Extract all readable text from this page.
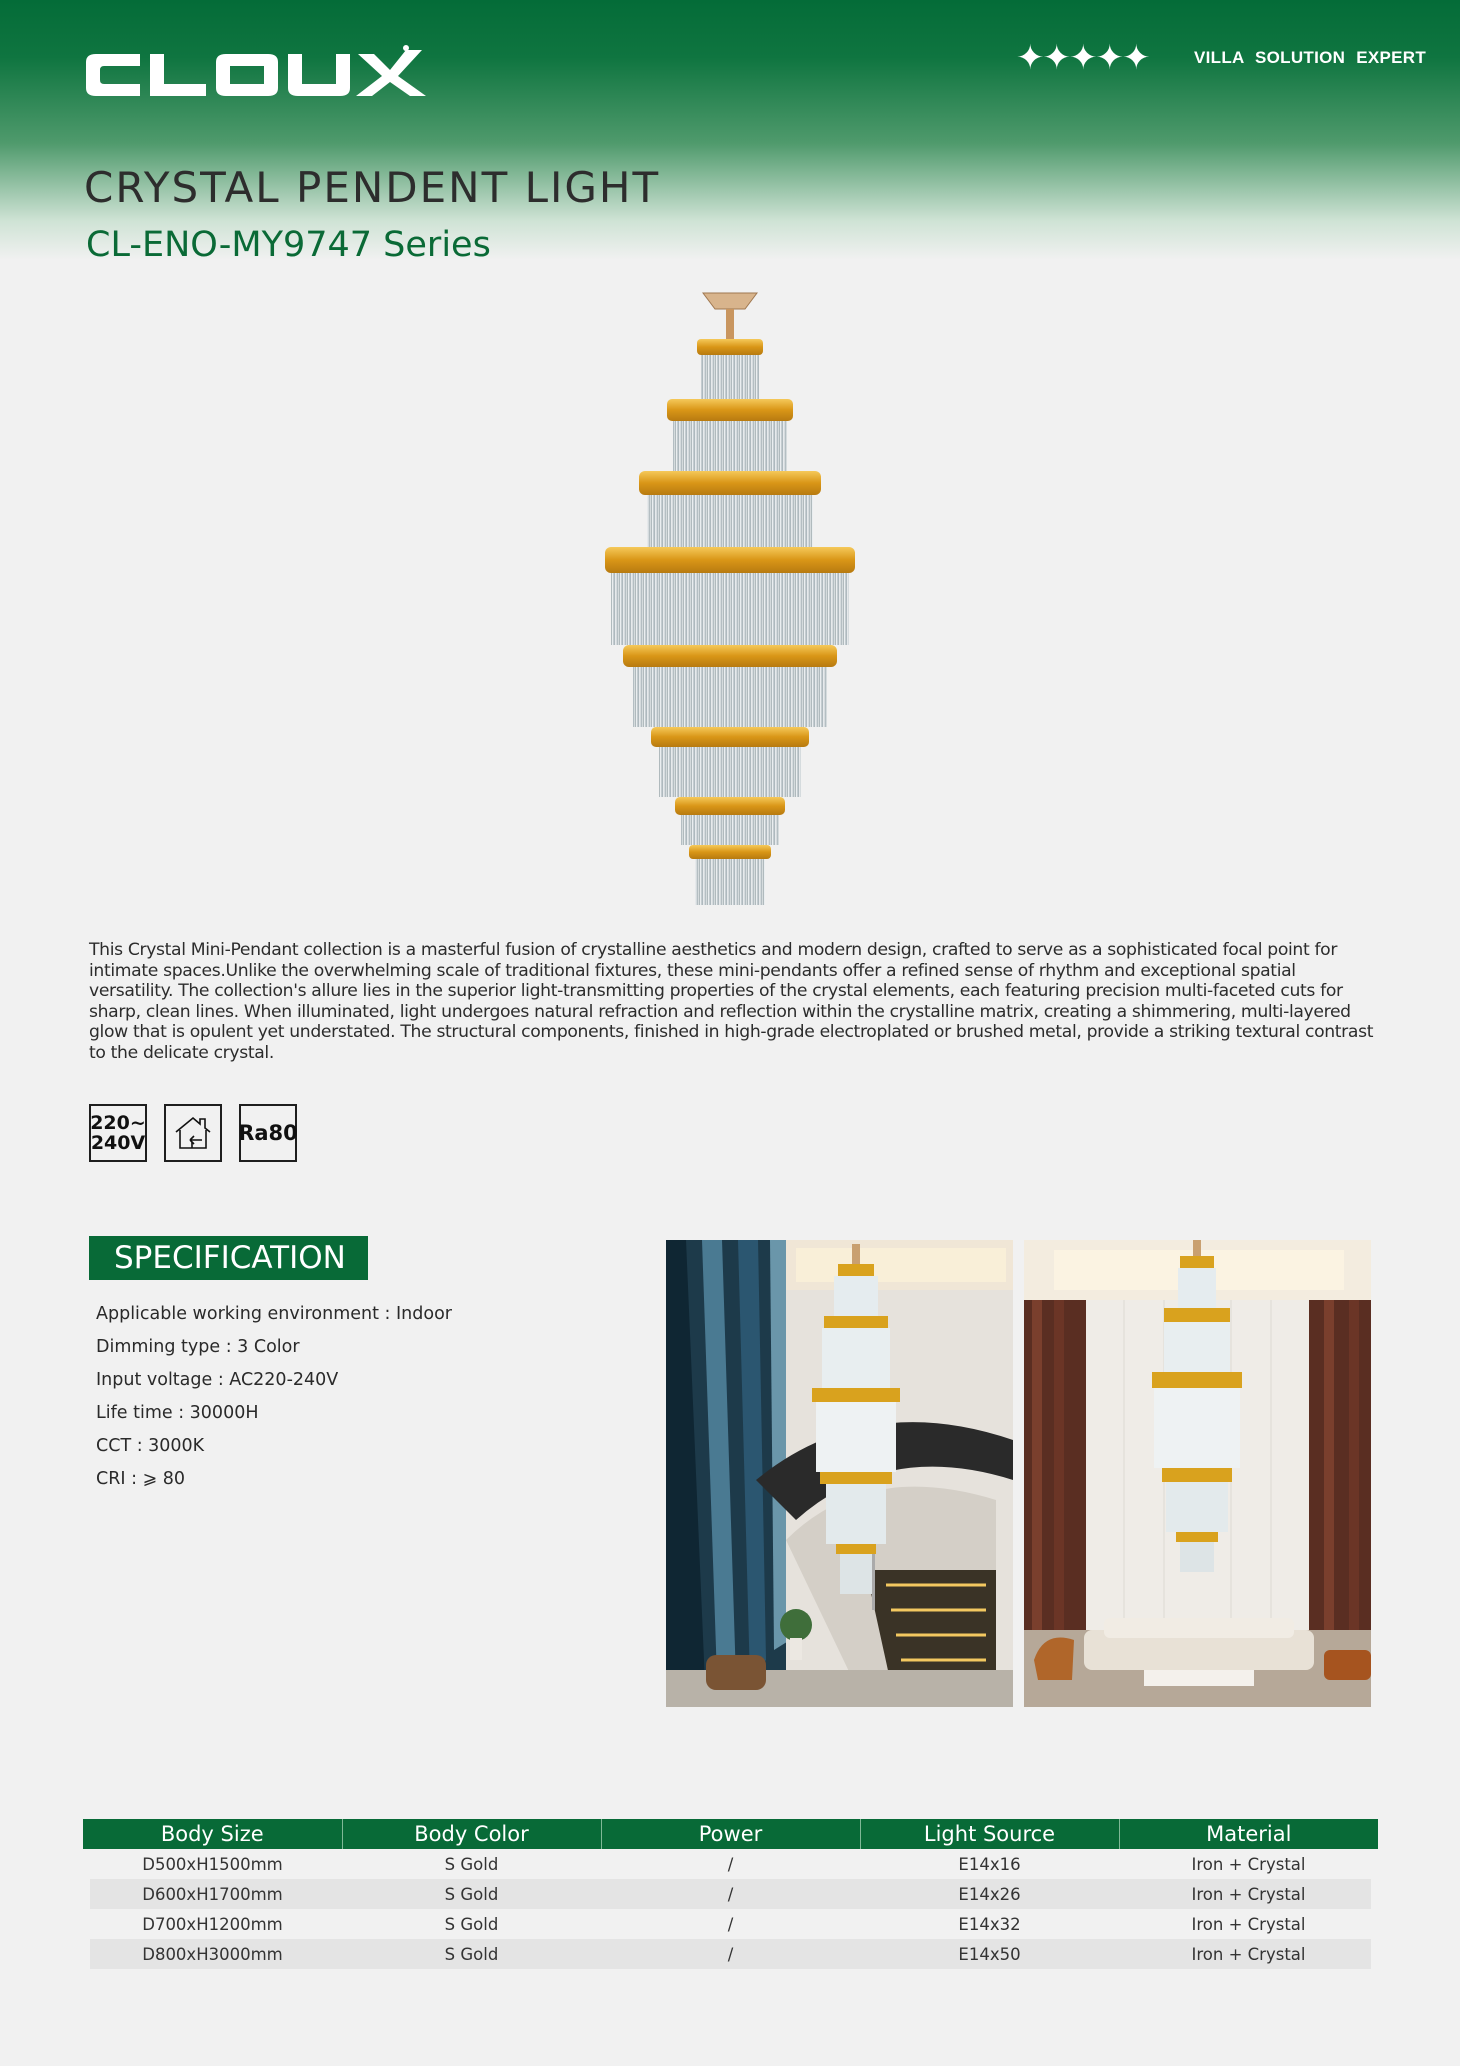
✦✦✦✦✦	VILLA SOLUTION EXPERT
CRYSTAL PENDENT LIGHT
CL-ENO-MY9747 Series
This Crystal Mini-Pendant collection is a masterful fusion of crystalline aesthetics and modern design, crafted to serve as a sophisticated focal point for intimate spaces.Unlike the overwhelming scale of traditional fixtures, these mini-pendants offer a refined sense of rhythm and exceptional spatial versatility. The collection's allure lies in the superior light-transmitting properties of the crystal elements, each featuring precision multi-faceted cuts for sharp, clean lines. When illuminated, light undergoes natural refraction and reflection within the crystalline matrix, creating a shimmering, multi-layered glow that is opulent yet understated. The structural components, finished in high-grade electroplated or brushed metal, provide a striking textural contrast to the delicate crystal.
220~
240V	Ra80
SPECIFICATION
Applicable working environment : Indoor
Dimming type : 3 Color
Input voltage : AC220-240V
Life time : 30000H
CCT : 3000K
CRI : ⩾ 80
Body Size	Body Color	Power	Light Source	Material
D500xH1500mm	S Gold	/	E14x16	Iron + Crystal
D600xH1700mm	S Gold	/	E14x26	Iron + Crystal
D700xH1200mm	S Gold	/	E14x32	Iron + Crystal
D800xH3000mm	S Gold	/	E14x50	Iron + Crystal
